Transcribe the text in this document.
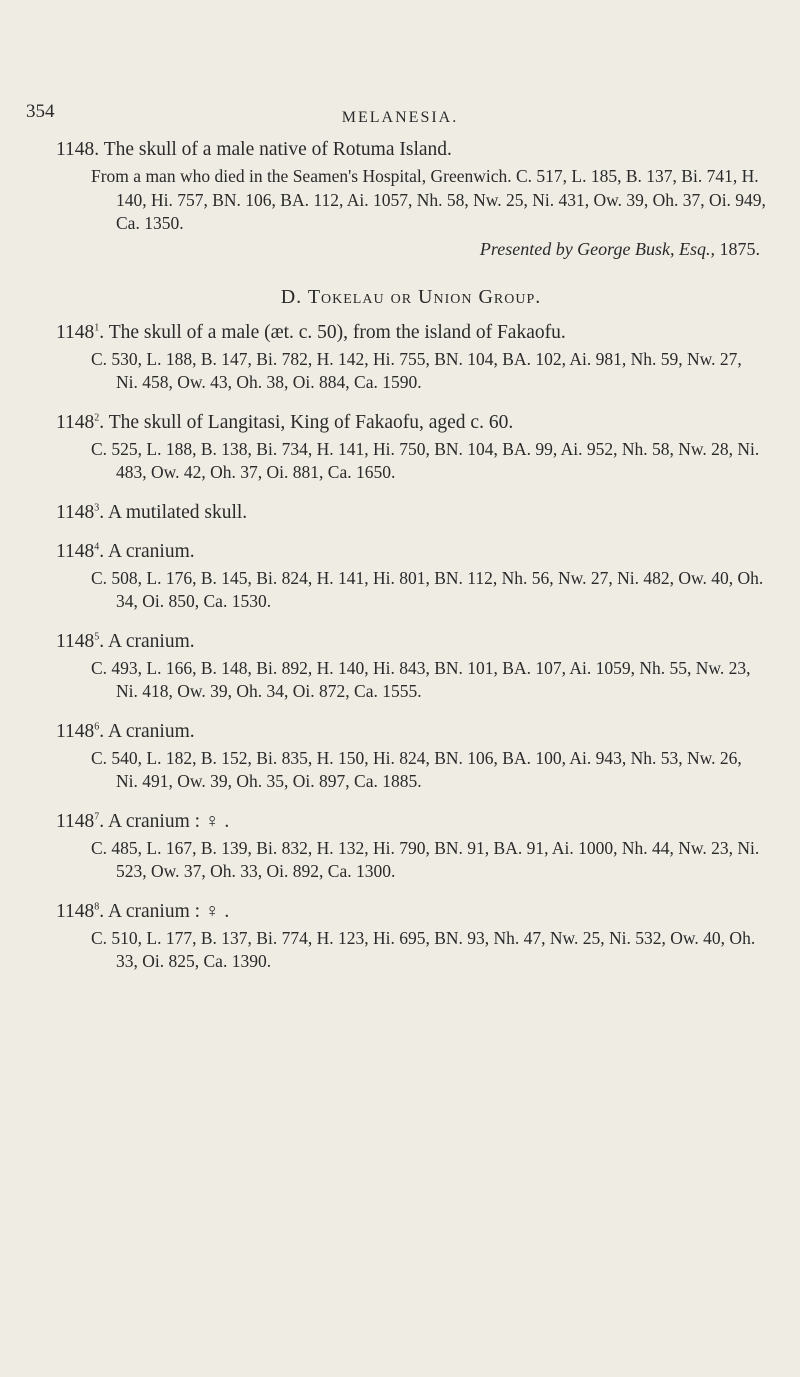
354	MELANESIA.
1148. The skull of a male native of Rotuma Island.
From a man who died in the Seamen's Hospital, Greenwich. C. 517, L. 185, B. 137, Bi. 741, H. 140, Hi. 757, BN. 106, BA. 112, Ai. 1057, Nh. 58, Nw. 25, Ni. 431, Ow. 39, Oh. 37, Oi. 949, Ca. 1350.
Presented by George Busk, Esq., 1875.
D. Tokelau or Union Group.
1148$^1$. The skull of a male (æt. c. 50), from the island of Fakaofu.
C. 530, L. 188, B. 147, Bi. 782, H. 142, Hi. 755, BN. 104, BA. 102, Ai. 981, Nh. 59, Nw. 27, Ni. 458, Ow. 43, Oh. 38, Oi. 884, Ca. 1590.
1148$^2$. The skull of Langitasi, King of Fakaofu, aged c. 60.
C. 525, L. 188, B. 138, Bi. 734, H. 141, Hi. 750, BN. 104, BA. 99, Ai. 952, Nh. 58, Nw. 28, Ni. 483, Ow. 42, Oh. 37, Oi. 881, Ca. 1650.
1148$^3$. A mutilated skull.
1148$^4$. A cranium.
C. 508, L. 176, B. 145, Bi. 824, H. 141, Hi. 801, BN. 112, Nh. 56, Nw. 27, Ni. 482, Ow. 40, Oh. 34, Oi. 850, Ca. 1530.
1148$^5$. A cranium.
C. 493, L. 166, B. 148, Bi. 892, H. 140, Hi. 843, BN. 101, BA. 107, Ai. 1059, Nh. 55, Nw. 23, Ni. 418, Ow. 39, Oh. 34, Oi. 872, Ca. 1555.
1148$^6$. A cranium.
C. 540, L. 182, B. 152, Bi. 835, H. 150, Hi. 824, BN. 106, BA. 100, Ai. 943, Nh. 53, Nw. 26, Ni. 491, Ow. 39, Oh. 35, Oi. 897, Ca. 1885.
1148$^7$. A cranium : ♀ .
C. 485, L. 167, B. 139, Bi. 832, H. 132, Hi. 790, BN. 91, BA. 91, Ai. 1000, Nh. 44, Nw. 23, Ni. 523, Ow. 37, Oh. 33, Oi. 892, Ca. 1300.
1148$^8$. A cranium : ♀ .
C. 510, L. 177, B. 137, Bi. 774, H. 123, Hi. 695, BN. 93, Nh. 47, Nw. 25, Ni. 532, Ow. 40, Oh. 33, Oi. 825, Ca. 1390.
